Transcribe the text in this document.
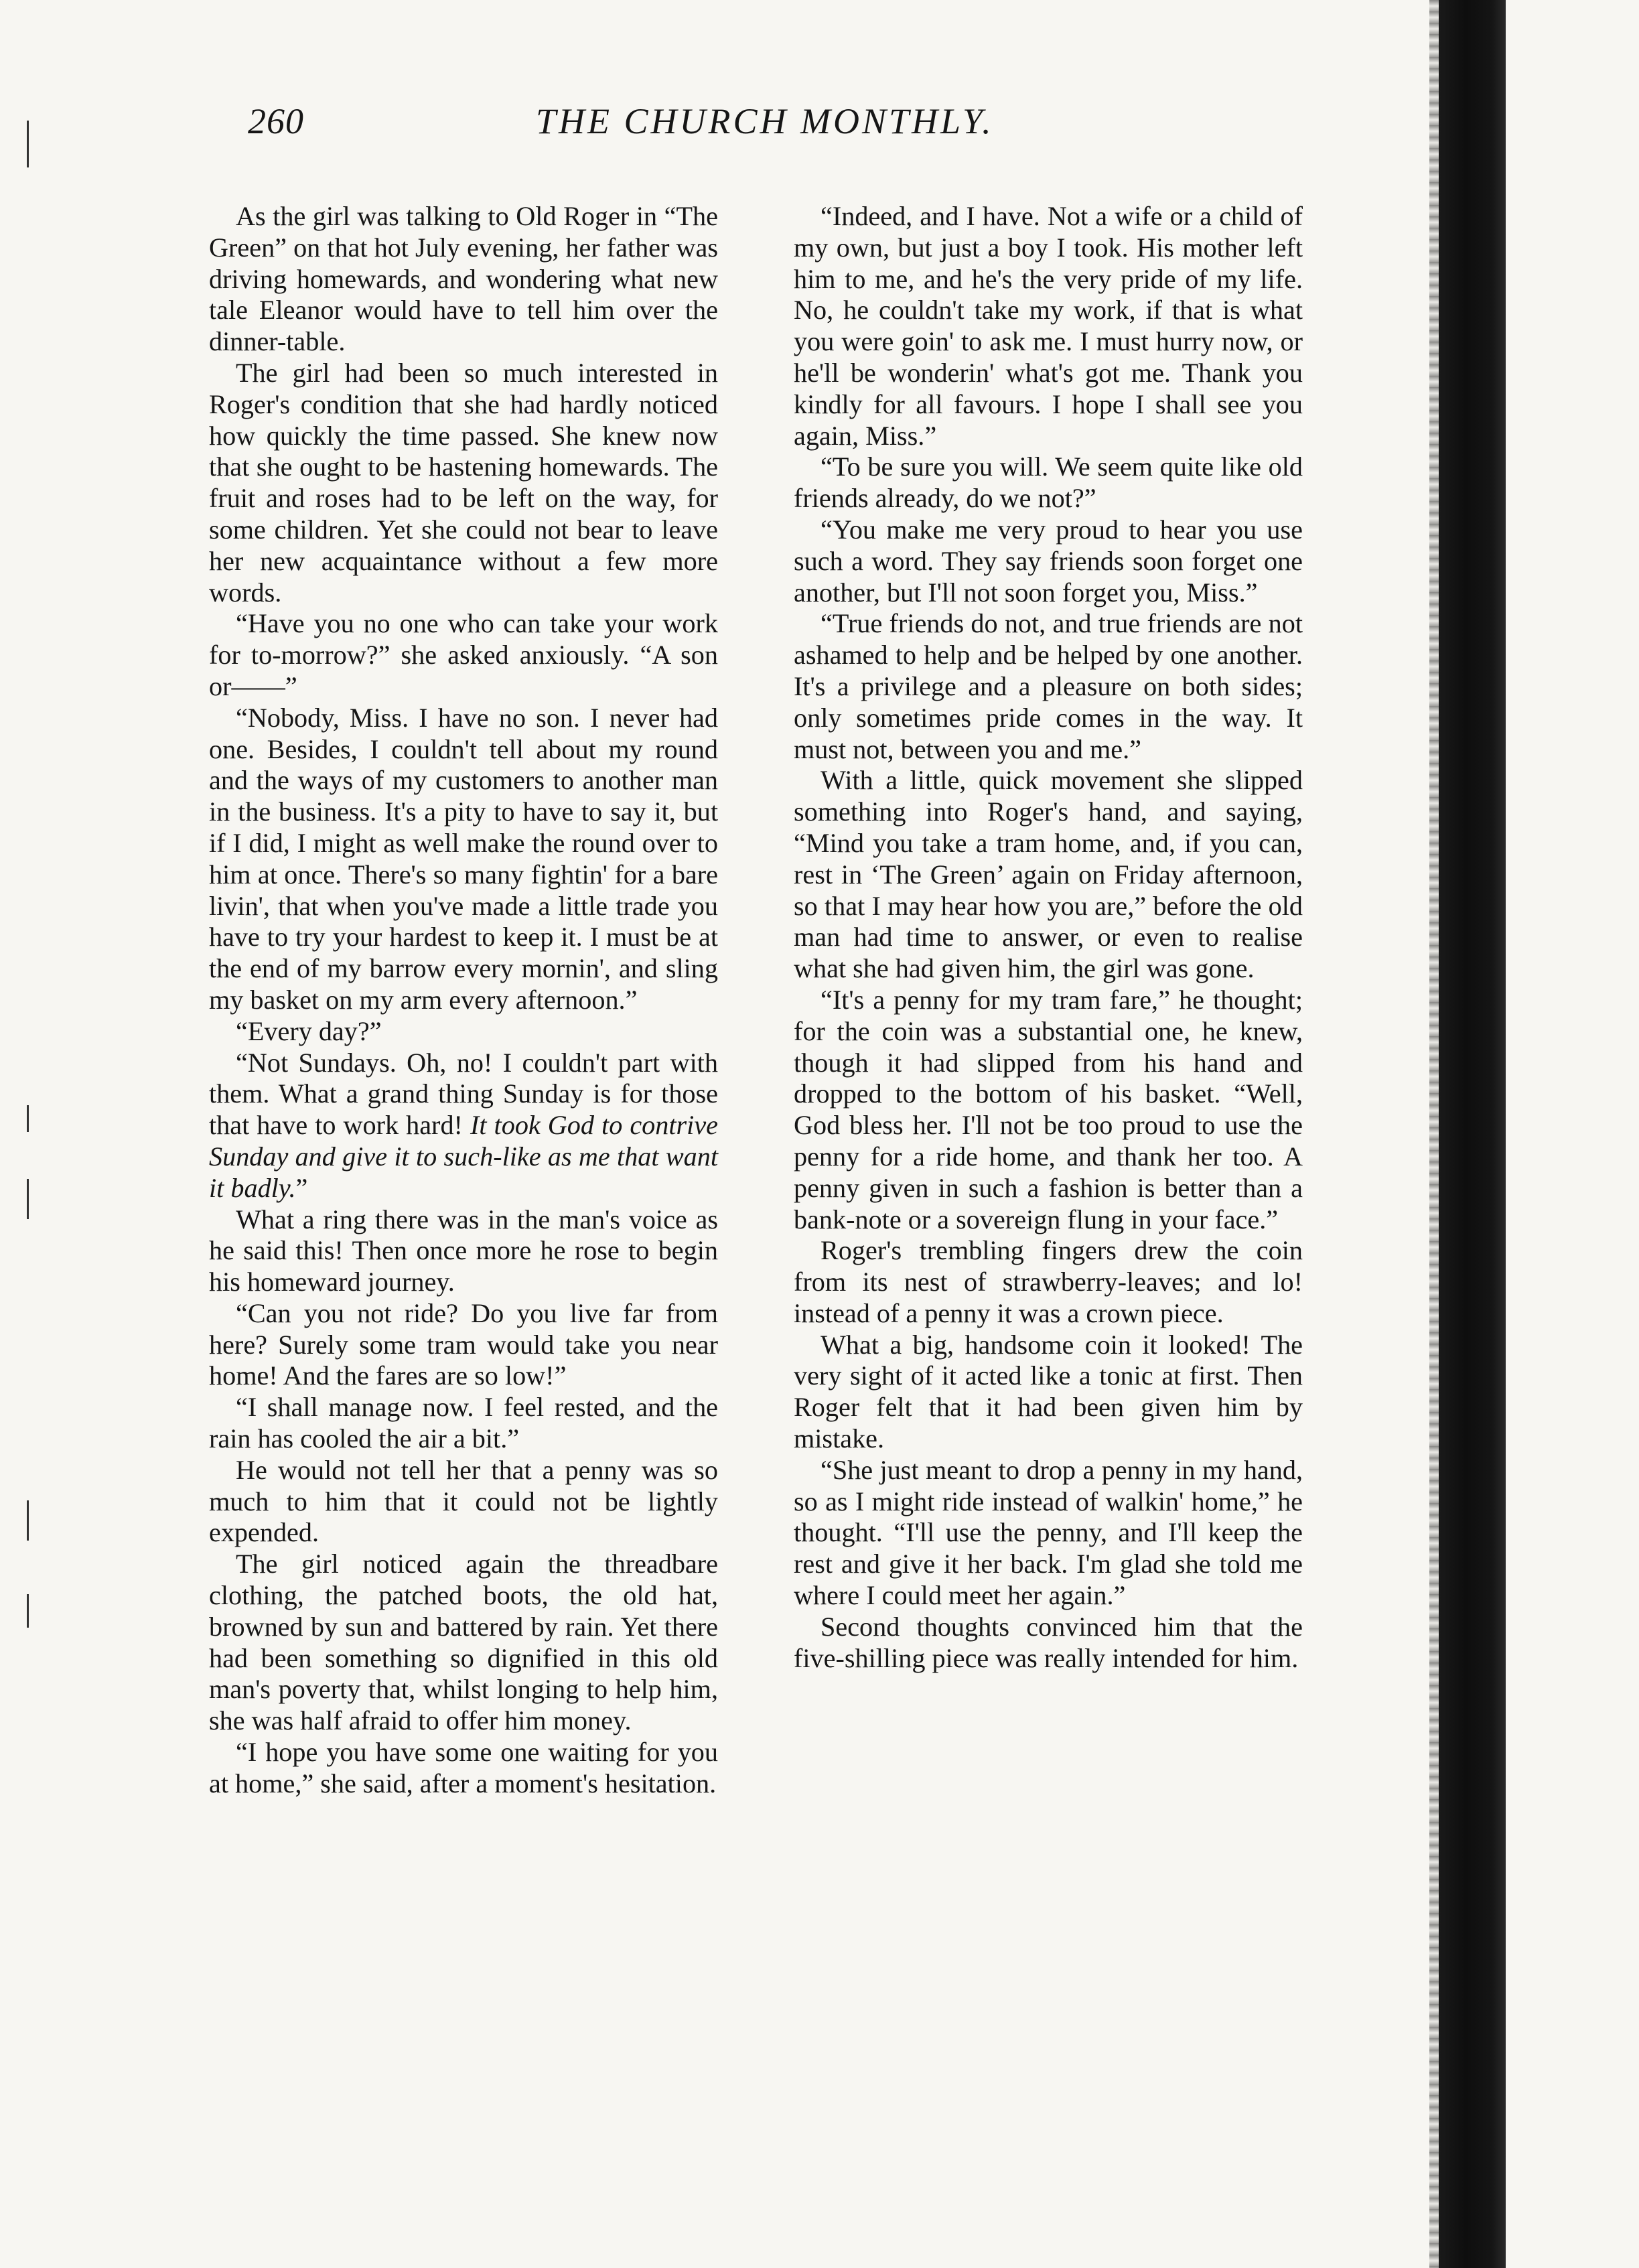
260	THE CHURCH MONTHLY.

As the girl was talking to Old Roger in “The Green” on that hot July evening, her father was driving homewards, and wondering what new tale Eleanor would have to tell him over the dinner-table.

The girl had been so much interested in Roger's condition that she had hardly noticed how quickly the time passed. She knew now that she ought to be hastening homewards. The fruit and roses had to be left on the way, for some children. Yet she could not bear to leave her new acquaintance without a few more words.

“Have you no one who can take your work for to-morrow?” she asked anxiously. “A son or——”

“Nobody, Miss. I have no son. I never had one. Besides, I couldn't tell about my round and the ways of my customers to another man in the business. It's a pity to have to say it, but if I did, I might as well make the round over to him at once. There's so many fightin' for a bare livin', that when you've made a little trade you have to try your hardest to keep it. I must be at the end of my barrow every mornin', and sling my basket on my arm every afternoon.”

“Every day?”

“Not Sundays. Oh, no! I couldn't part with them. What a grand thing Sunday is for those that have to work hard! It took God to contrive Sunday and give it to such-like as me that want it badly.”

What a ring there was in the man's voice as he said this! Then once more he rose to begin his homeward journey.

“Can you not ride? Do you live far from here? Surely some tram would take you near home! And the fares are so low!”

“I shall manage now. I feel rested, and the rain has cooled the air a bit.”

He would not tell her that a penny was so much to him that it could not be lightly expended.

The girl noticed again the threadbare clothing, the patched boots, the old hat, browned by sun and battered by rain. Yet there had been something so dignified in this old man's poverty that, whilst longing to help him, she was half afraid to offer him money.

“I hope you have some one waiting for you at home,” she said, after a moment's hesitation.

“Indeed, and I have. Not a wife or a child of my own, but just a boy I took. His mother left him to me, and he's the very pride of my life. No, he couldn't take my work, if that is what you were goin' to ask me. I must hurry now, or he'll be wonderin' what's got me. Thank you kindly for all favours. I hope I shall see you again, Miss.”

“To be sure you will. We seem quite like old friends already, do we not?”

“You make me very proud to hear you use such a word. They say friends soon forget one another, but I'll not soon forget you, Miss.”

“True friends do not, and true friends are not ashamed to help and be helped by one another. It's a privilege and a pleasure on both sides; only sometimes pride comes in the way. It must not, between you and me.”

With a little, quick movement she slipped something into Roger's hand, and saying, “Mind you take a tram home, and, if you can, rest in ‘The Green’ again on Friday afternoon, so that I may hear how you are,” before the old man had time to answer, or even to realise what she had given him, the girl was gone.

“It's a penny for my tram fare,” he thought; for the coin was a substantial one, he knew, though it had slipped from his hand and dropped to the bottom of his basket. “Well, God bless her. I'll not be too proud to use the penny for a ride home, and thank her too. A penny given in such a fashion is better than a bank-note or a sovereign flung in your face.”

Roger's trembling fingers drew the coin from its nest of strawberry-leaves; and lo! instead of a penny it was a crown piece.

What a big, handsome coin it looked! The very sight of it acted like a tonic at first. Then Roger felt that it had been given him by mistake.

“She just meant to drop a penny in my hand, so as I might ride instead of walkin' home,” he thought. “I'll use the penny, and I'll keep the rest and give it her back. I'm glad she told me where I could meet her again.”

Second thoughts convinced him that the five-shilling piece was really intended for him.
